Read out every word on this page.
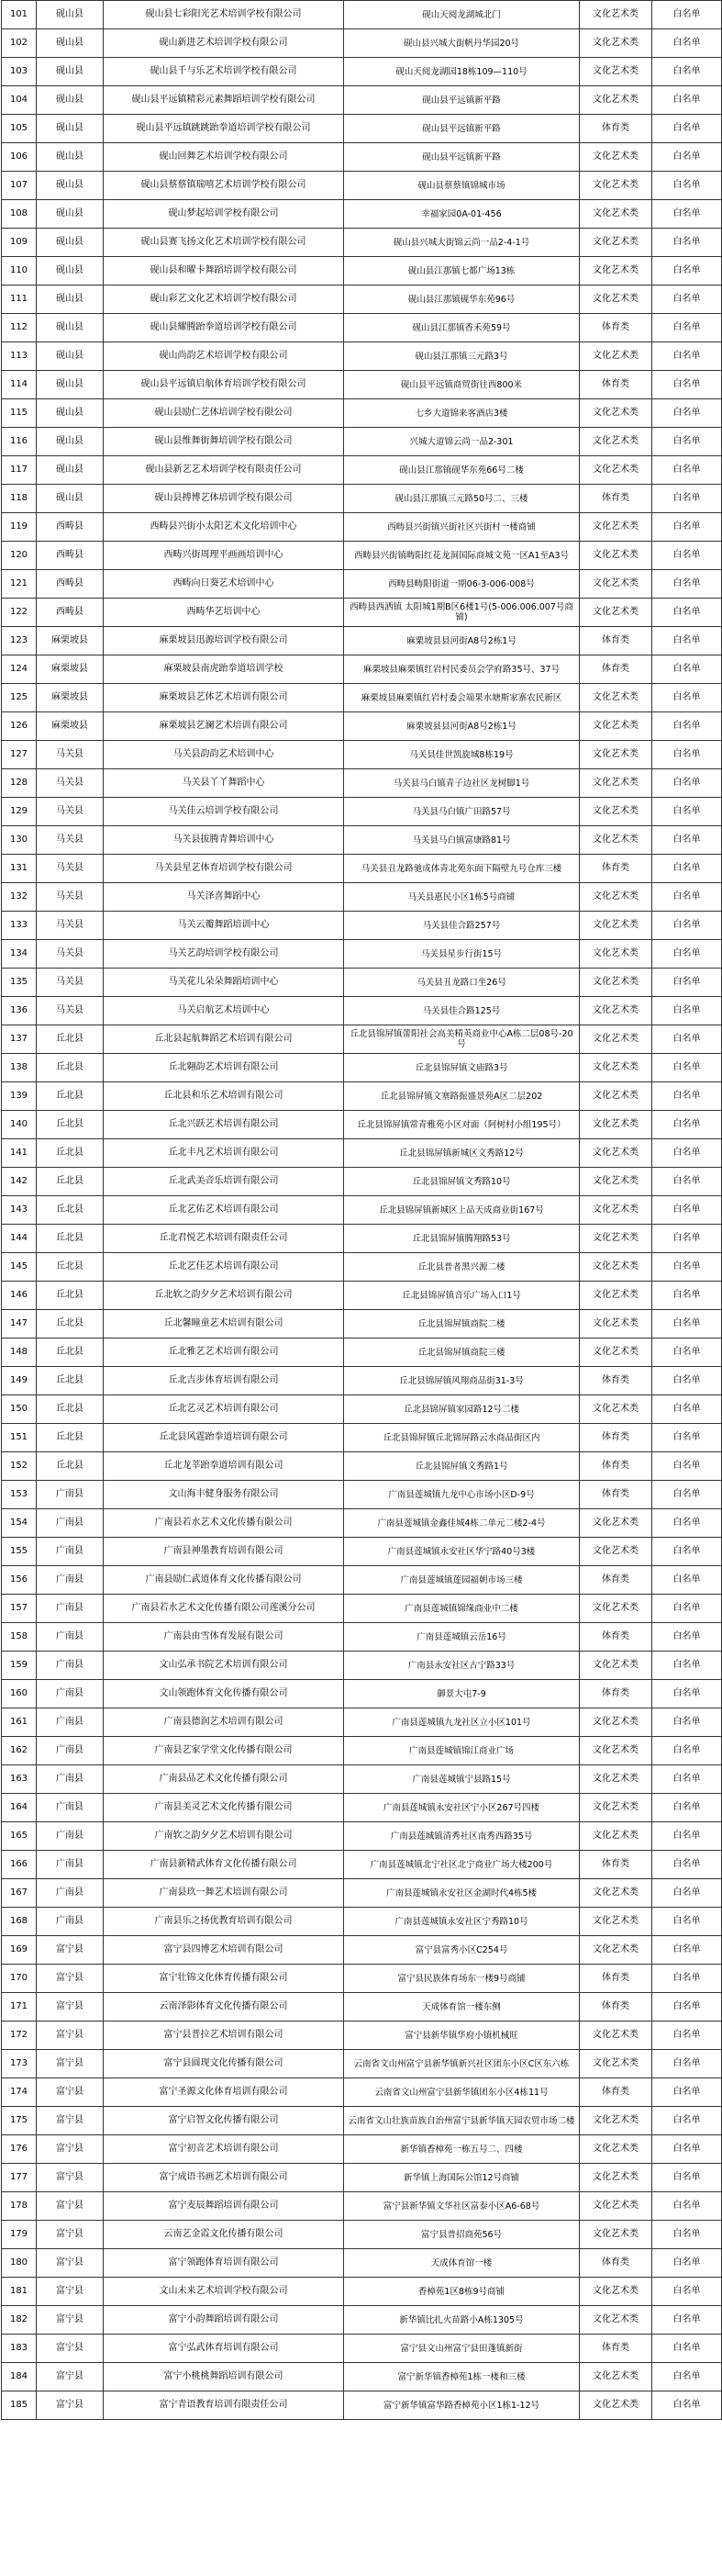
101	砚山县	砚山县七彩阳光艺术培训学校有限公司	砚山天阅龙湖城北门	文化艺术类	白名单
102	砚山县	砚山新进艺术培训学校有限公司	砚山县兴城大街帆丹华园20号	文化艺术类	白名单
103	砚山县	砚山县千与乐艺术培训学校有限公司	砚山天阅龙湖园18栋109—110号	文化艺术类	白名单
104	砚山县	砚山县平远镇精彩元素舞蹈培训学校有限公司	砚山县平远镇新平路	文化艺术类	白名单
105	砚山县	砚山县平远镇跳跳跆拳道培训学校有限公司	砚山县平远镇新平路	体育类	白名单
106	砚山县	砚山回舞艺术培训学校有限公司	砚山县平远镇新平路	文化艺术类	白名单
107	砚山县	砚山县蔡蔡镇瑞嘻艺术培训学校有限公司	砚山县蔡蔡镇锦城市场	文化艺术类	白名单
108	砚山县	砚山梦起培训学校有限公司	幸福家园0A-01-456	文化艺术类	白名单
109	砚山县	砚山县赛飞扬文化艺术培训学校有限公司	砚山县兴城大街锦云尚一品2-4-1号	文化艺术类	白名单
110	砚山县	砚山县和曜卡舞蹈培训学校有限公司	砚山县江那镇七都广场13栋	文化艺术类	白名单
111	砚山县	砚山彩艺文化艺术培训学校有限公司	砚山县江那镇砚华东苑96号	文化艺术类	白名单
112	砚山县	砚山县耀腾跆拳道培训学校有限公司	砚山县江那镇香禾苑59号	体育类	白名单
113	砚山县	砚山尚韵艺术培训学校有限公司	砚山县江那镇三元路3号	文化艺术类	白名单
114	砚山县	砚山县平远镇启航体育培训学校有限公司	砚山县平远镇商贸街往西800米	体育类	白名单
115	砚山县	砚山县励仁艺体培训学校有限公司	七乡大道锦来客酒店3楼	文化艺术类	白名单
116	砚山县	砚山县维舞街舞培训学校有限公司	兴城大道锦云尚一品2-301	文化艺术类	白名单
117	砚山县	砚山县新艺艺术培训学校有限责任公司	砚山县江那镇砚华东苑66号二楼	文化艺术类	白名单
118	砚山县	砚山县搏博艺体培训学校有限公司	砚山县江那镇三元路50号二、三楼	体育类	白名单
119	西畴县	西畴县兴街小太阳艺术文化培训中心	西畴县兴街镇兴街社区兴街村一楼商铺	文化艺术类	白名单
120	西畴县	西畴兴街周理平画画培训中心	西畴县兴街镇畴阳红花龙洞国际商城文苑一区A1至A3号	文化艺术类	白名单
121	西畴县	西畴向日葵艺术培训中心	西畴县畴阳街道一期06-3-006-008号	文化艺术类	白名单
122	西畴县	西畴华艺培训中心	西畴县西洒镇 太阳城1期B区6楼1号(5-006.006.007号商铺)	文化艺术类	白名单
123	麻栗坡县	麻栗坡县迅源培训学校有限公司	麻栗坡县县河街A8号2栋1号	体育类	白名单
124	麻栗坡县	麻栗坡县南虎跆拳道培训学校	麻栗坡县麻栗镇红岩村民委员会学府路35号、37号	体育类	白名单
125	麻栗坡县	麻栗坡县艺体艺术培训有限公司	麻栗坡县麻栗镇红岩村委会端果水塘斯家寨农民新区	文化艺术类	白名单
126	麻栗坡县	麻栗坡县艺澜艺术培训有限公司	麻栗坡县县河街A8号2栋1号	文化艺术类	白名单
127	马关县	马关县韵韵艺术培训中心	马关县佳世凯旋城8栋19号	文化艺术类	白名单
128	马关县	马关县丫丫舞蹈中心	马关县马白镇青子边社区龙树脚1号	文化艺术类	白名单
129	马关县	马关佳云培训学校有限公司	马关县马白镇广田路57号	文化艺术类	白名单
130	马关县	马关县拔腾青舞培训中心	马关县马白镇富康路81号	文化艺术类	白名单
131	马关县	马关县星艺体育培训学校有限公司	马关县丑龙路驰成体青北苑东面下隔壁九号仓库三楼	体育类	白名单
132	马关县	马关泽喜舞蹈中心	马关县惠民小区1栋5号商铺	文化艺术类	白名单
133	马关县	马关云瓣舞蹈培训中心	马关县佳合路257号	文化艺术类	白名单
134	马关县	马关艺韵培训学校有限公司	马关县星步行街15号	文化艺术类	白名单
135	马关县	马关花儿朵朵舞蹈培训中心	马关县丑龙路口坐26号	文化艺术类	白名单
136	马关县	马关启航艺术培训中心	马关县佳合路125号	文化艺术类	白名单
137	丘北县	丘北县起航舞蹈艺术培训有限公司	丘北县锦屏镇蕾阳社会高美精英商业中心A栋二层08号-20号	文化艺术类	白名单
138	丘北县	丘北翱韵艺术培训有限公司	丘北县锦屏镇文庙路3号	文化艺术类	白名单
139	丘北县	丘北县和乐艺术培训有限公司	丘北县锦屏镇文塞路振盛景苑A区二层202	文化艺术类	白名单
140	丘北县	丘北兴跃艺术培训有限公司	丘北县锦屏镇常青雅苑小区对面（阿树村小组195号）	文化艺术类	白名单
141	丘北县	丘北丰凡艺术培训有限公司	丘北县锦屏镇新城区文秀路12号	文化艺术类	白名单
142	丘北县	丘北武美音乐培训有限公司	丘北县锦屏镇文秀路10号	文化艺术类	白名单
143	丘北县	丘北艺佑艺术培训有限公司	丘北县锦屏镇新城区上品天成商业街167号	文化艺术类	白名单
144	丘北县	丘北君悦艺术培训有限责任公司	丘北县锦屏镇腾翔路53号	文化艺术类	白名单
145	丘北县	丘北艺佳艺术培训有限公司	丘北县普者黑兴源二楼	文化艺术类	白名单
146	丘北县	丘北软之韵夕夕艺术培训有限公司	丘北县锦屏镇音乐广场入口1号	文化艺术类	白名单
147	丘北县	丘北馨瞳童艺术培训有限公司	丘北县锦屏镇商院二楼	文化艺术类	白名单
148	丘北县	丘北雅艺艺术培训有限公司	丘北县锦屏镇商院三楼	文化艺术类	白名单
149	丘北县	丘北吉步体育培训有限公司	丘北县锦屏镇风翔商品街31-3号	体育类	白名单
150	丘北县	丘北艺灵艺术培训有限公司	丘北县锦屏镇家园路12号二楼	文化艺术类	白名单
151	丘北县	丘北县风霆跆拳道培训有限公司	丘北县锦屏镇丘北锦屏路云水商品街区内	体育类	白名单
152	丘北县	丘北龙莘跆拳道培训有限公司	丘北县锦屏镇文秀路1号	体育类	白名单
153	广南县	文山海丰健身服务有限公司	广南县莲城镇九龙中心市场小区D-9号	体育类	白名单
154	广南县	广南县若水艺术文化传播有限公司	广南县莲城镇金鑫佳城4栋二单元二楼2-4号	文化艺术类	白名单
155	广南县	广南县神墨教育培训有限公司	广南县莲城镇永安社区华宁路40号3楼	文化艺术类	白名单
156	广南县	广南县励仁武道体育文化传播有限公司	广南县莲城镇莲园福朝市场三楼	体育类	白名单
157	广南县	广南县若水艺术文化传播有限公司莲溪分公司	广南县莲城镇锦缘商业中二楼	文化艺术类	白名单
158	广南县	广南县由雪体育发展有限公司	广南县莲城镇云岳16号	体育类	白名单
159	广南县	文山弘承书院艺术培训有限公司	广南县永安社区古宁路33号	文化艺术类	白名单
160	广南县	文山领跑体育文化传播有限公司	御景大屯7-9	体育类	白名单
161	广南县	广南县德润艺术培训有限公司	广南县莲城镇九龙社区立小区101号	文化艺术类	白名单
162	广南县	广南县艺家学堂文化传播有限公司	广南县莲城镇锦江商业广场	文化艺术类	白名单
163	广南县	广南县品艺术文化传播有限公司	广南县莲城镇宁县路15号	文化艺术类	白名单
164	广南县	广南县美灵艺术文化传播有限公司	广南县莲城镇永安社区宁小区267号四楼	文化艺术类	白名单
165	广南县	广南软之韵夕夕艺术培训有限公司	广南县莲城镇清秀社区南秀西路35号	文化艺术类	白名单
166	广南县	广南县新精武体育文化传播有限公司	广南县莲城镇北宁社区北宁商业广场大楼200号	体育类	白名单
167	广南县	广南县玖一舞艺术培训有限公司	广南县莲城镇永安社区金湖时代4栋5楼	文化艺术类	白名单
168	广南县	广南县乐之扬优教育培训有限公司	广南县莲城镇永安社区宁秀路10号	文化艺术类	白名单
169	富宁县	富宁县四博艺术培训有限公司	富宁县富秀小区C254号	文化艺术类	白名单
170	富宁县	富宁壮锦文化体育传播有限公司	富宁县民族体育场东一楼9号商铺	体育类	白名单
171	富宁县	云南泽影体育文化传播有限公司	天成体育馆一楼东侧	体育类	白名单
172	富宁县	富宁县普拉艺术培训有限公司	富宁县新华镇华府小镇机械旺	文化艺术类	白名单
173	富宁县	富宁县圆现文化传播有限公司	云南省文山州富宁县新华镇新兴社区团东小区C区东六栋	文化艺术类	白名单
174	富宁县	富宁圣源文化体育培训有限公司	云南省文山州富宁县新华镇团东小区4栋11号	体育类	白名单
175	富宁县	富宁启智文化传播有限公司	云南省文山壮族苗族自治州富宁县新华镇天园农贸市场二楼	文化艺术类	白名单
176	富宁县	富宁初音艺术培训有限公司	新华镇香樟苑一栋五号二、四楼	文化艺术类	白名单
177	富宁县	富宁成语书画艺术培训有限公司	新华镇上海国际公馆12号商铺	文化艺术类	白名单
178	富宁县	富宁麦辰舞蹈培训有限公司	富宁县新华镇文华社区富泰小区A6-68号	文化艺术类	白名单
179	富宁县	云南艺金霞文化传播有限公司	富宁县普招商苑56号	文化艺术类	白名单
180	富宁县	富宁领跑体育培训有限公司	天成体育馆一楼	体育类	白名单
181	富宁县	文山未来艺术培训学校有限公司	香樟苑1区8栋9号商铺	文化艺术类	白名单
182	富宁县	富宁小韵舞蹈培训有限公司	新华镇比扎火苗路小A栋1305号	文化艺术类	白名单
183	富宁县	富宁弘武体育培训有限公司	富宁县文山州富宁县田蓬镇新街	体育类	白名单
184	富宁县	富宁小桃桃舞蹈培训有限公司	富宁新华镇香樟苑1栋一楼和三楼	文化艺术类	白名单
185	富宁县	富宁青语教育培训有限责任公司	富宁新华镇富华路香樟苑小区1栋1-12号	文化艺术类	白名单
